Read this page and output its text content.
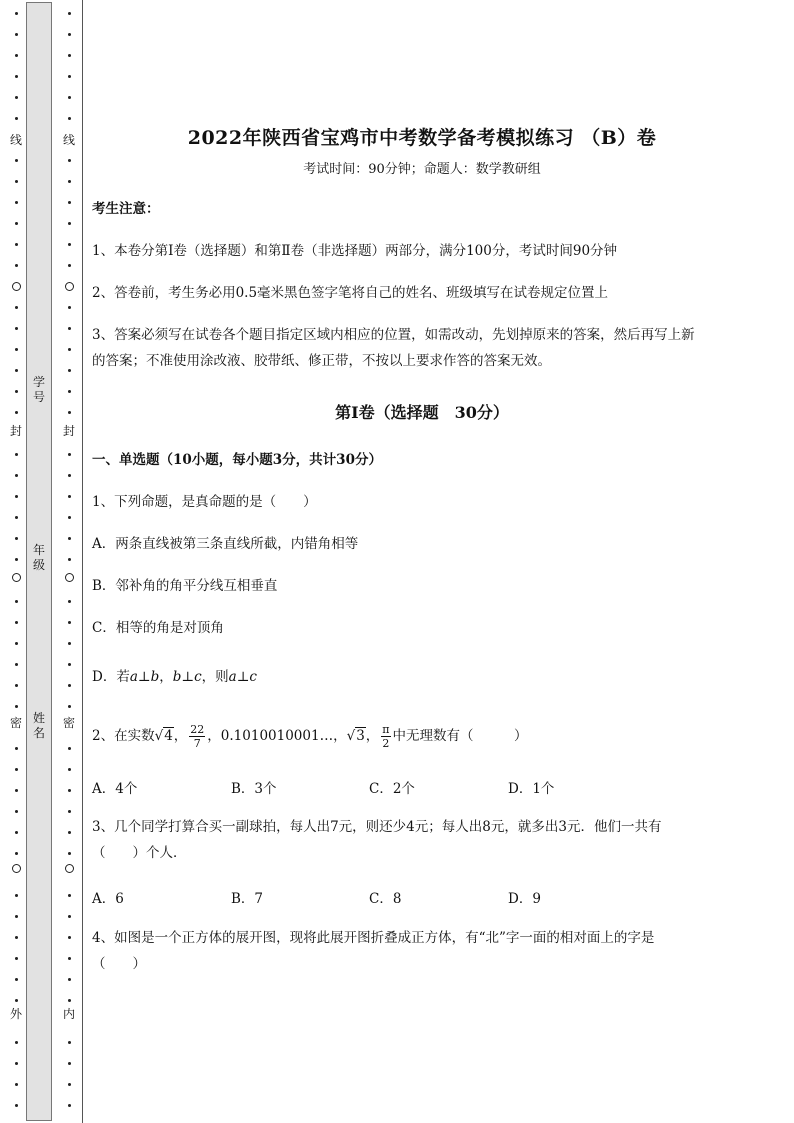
学号
年级
姓名
线
封
密
外
线
封
密
内
2022年陕西省宝鸡市中考数学备考模拟练习 （B）卷
考试时间：90分钟；命题人：数学教研组
考生注意：
1、本卷分第I卷（选择题）和第Ⅱ卷（非选择题）两部分，满分100分，考试时间90分钟
2、答卷前，考生务必用0.5毫米黑色签字笔将自己的姓名、班级填写在试卷规定位置上
3、答案必须写在试卷各个题目指定区域内相应的位置，如需改动，先划掉原来的答案，然后再写上新
的答案；不准使用涂改液、胶带纸、修正带，不按以上要求作答的答案无效。
第I卷（选择题　30分）
一、单选题（10小题，每小题3分，共计30分）
1、下列命题，是真命题的是（　　）
A．两条直线被第三条直线所截，内错角相等
B．邻补角的角平分线互相垂直
C．相等的角是对顶角
D．若a⊥b，b⊥c，则a⊥c
2、在实数√4， $\frac{22}{7}$ ，0.1010010001…，√3， $\frac{\pi}{2}$ 中无理数有（　　　）
A．4个	B．3个	C．2个	D．1个
3、几个同学打算合买一副球拍，每人出7元，则还少4元；每人出8元，就多出3元．他们一共有
（　　）个人．
A．6	B．7	C．8	D．9
4、如图是一个正方体的展开图，现将此展开图折叠成正方体，有“北”字一面的相对面上的字是
（　　）
